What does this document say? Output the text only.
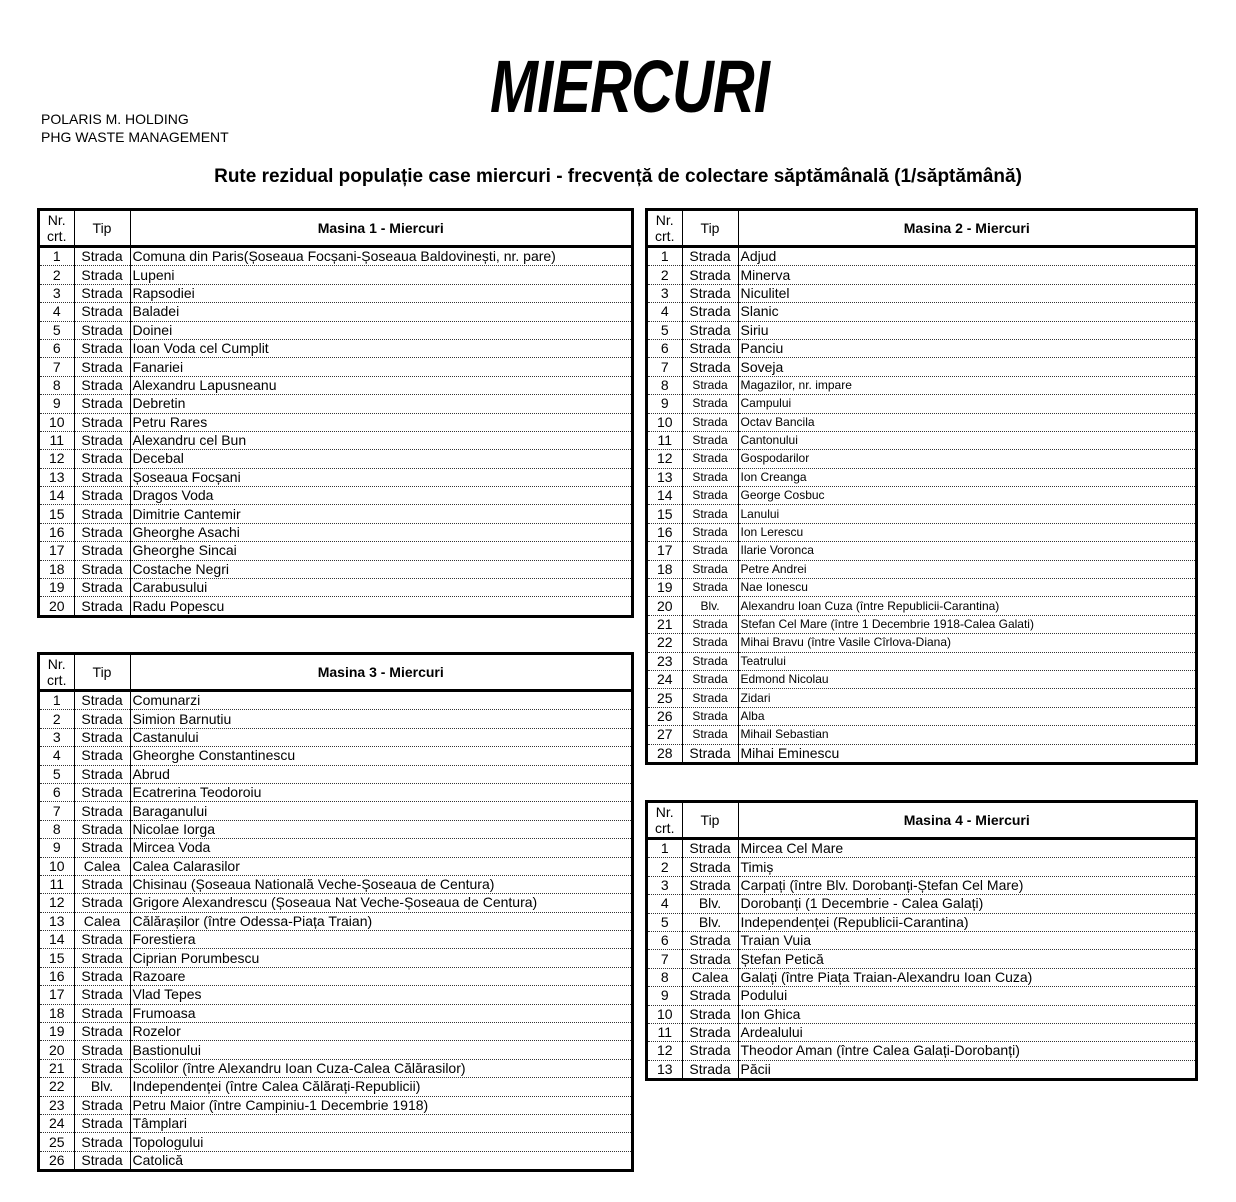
POLARIS M. HOLDING
PHG WASTE MANAGEMENT
MIERCURI
Rute rezidual populație case miercuri - frecvență de colectare săptămânală (1/săptămână)
Nr.
crt.	Tip	Masina 1 - Miercuri
1	Strada	Comuna din Paris(Șoseaua Focșani-Șoseaua Baldovinești, nr. pare)
2	Strada	Lupeni
3	Strada	Rapsodiei
4	Strada	Baladei
5	Strada	Doinei
6	Strada	Ioan Voda cel Cumplit
7	Strada	Fanariei
8	Strada	Alexandru Lapusneanu
9	Strada	Debretin
10	Strada	Petru Rares
11	Strada	Alexandru cel Bun
12	Strada	Decebal
13	Strada	Șoseaua Focșani
14	Strada	Dragos Voda
15	Strada	Dimitrie Cantemir
16	Strada	Gheorghe Asachi
17	Strada	Gheorghe Sincai
18	Strada	Costache Negri
19	Strada	Carabusului
20	Strada	Radu Popescu
Nr.
crt.	Tip	Masina 2 - Miercuri
1	Strada	Adjud
2	Strada	Minerva
3	Strada	Niculitel
4	Strada	Slanic
5	Strada	Siriu
6	Strada	Panciu
7	Strada	Soveja
8	Strada	Magazilor, nr. impare
9	Strada	Campului
10	Strada	Octav Bancila
11	Strada	Cantonului
12	Strada	Gospodarilor
13	Strada	Ion Creanga
14	Strada	George Cosbuc
15	Strada	Lanului
16	Strada	Ion Lerescu
17	Strada	Ilarie Voronca
18	Strada	Petre Andrei
19	Strada	Nae Ionescu
20	Blv.	Alexandru Ioan Cuza (între Republicii-Carantina)
21	Strada	Stefan Cel Mare (între 1 Decembrie 1918-Calea Galati)
22	Strada	Mihai Bravu (între Vasile Cîrlova-Diana)
23	Strada	Teatrului
24	Strada	Edmond Nicolau
25	Strada	Zidari
26	Strada	Alba
27	Strada	Mihail Sebastian
28	Strada	Mihai Eminescu
Nr.
crt.	Tip	Masina 3 - Miercuri
1	Strada	Comunarzi
2	Strada	Simion Barnutiu
3	Strada	Castanului
4	Strada	Gheorghe Constantinescu
5	Strada	Abrud
6	Strada	Ecatrerina Teodoroiu
7	Strada	Baraganului
8	Strada	Nicolae Iorga
9	Strada	Mircea Voda
10	Calea	Calea Calarasilor
11	Strada	Chisinau (Șoseaua Natională Veche-Șoseaua de Centura)
12	Strada	Grigore Alexandrescu (Șoseaua Nat Veche-Șoseaua de Centura)
13	Calea	Călărașilor (între Odessa-Piața Traian)
14	Strada	Forestiera
15	Strada	Ciprian Porumbescu
16	Strada	Razoare
17	Strada	Vlad Tepes
18	Strada	Frumoasa
19	Strada	Rozelor
20	Strada	Bastionului
21	Strada	Scolilor (între Alexandru Ioan Cuza-Calea Călărasilor)
22	Blv.	Independenței (între Calea Călărați-Republicii)
23	Strada	Petru Maior (între Campiniu-1 Decembrie 1918)
24	Strada	Tâmplari
25	Strada	Topologului
26	Strada	Catolică
Nr.
crt.	Tip	Masina 4 - Miercuri
1	Strada	Mircea Cel Mare
2	Strada	Timiș
3	Strada	Carpați (între Blv. Dorobanți-Ștefan Cel Mare)
4	Blv.	Dorobanți (1 Decembrie - Calea Galați)
5	Blv.	Independenței (Republicii-Carantina)
6	Strada	Traian Vuia
7	Strada	Ștefan Petică
8	Calea	Galați (între Piața Traian-Alexandru Ioan Cuza)
9	Strada	Podului
10	Strada	Ion Ghica
11	Strada	Ardealului
12	Strada	Theodor Aman (între Calea Galați-Dorobanți)
13	Strada	Păcii
